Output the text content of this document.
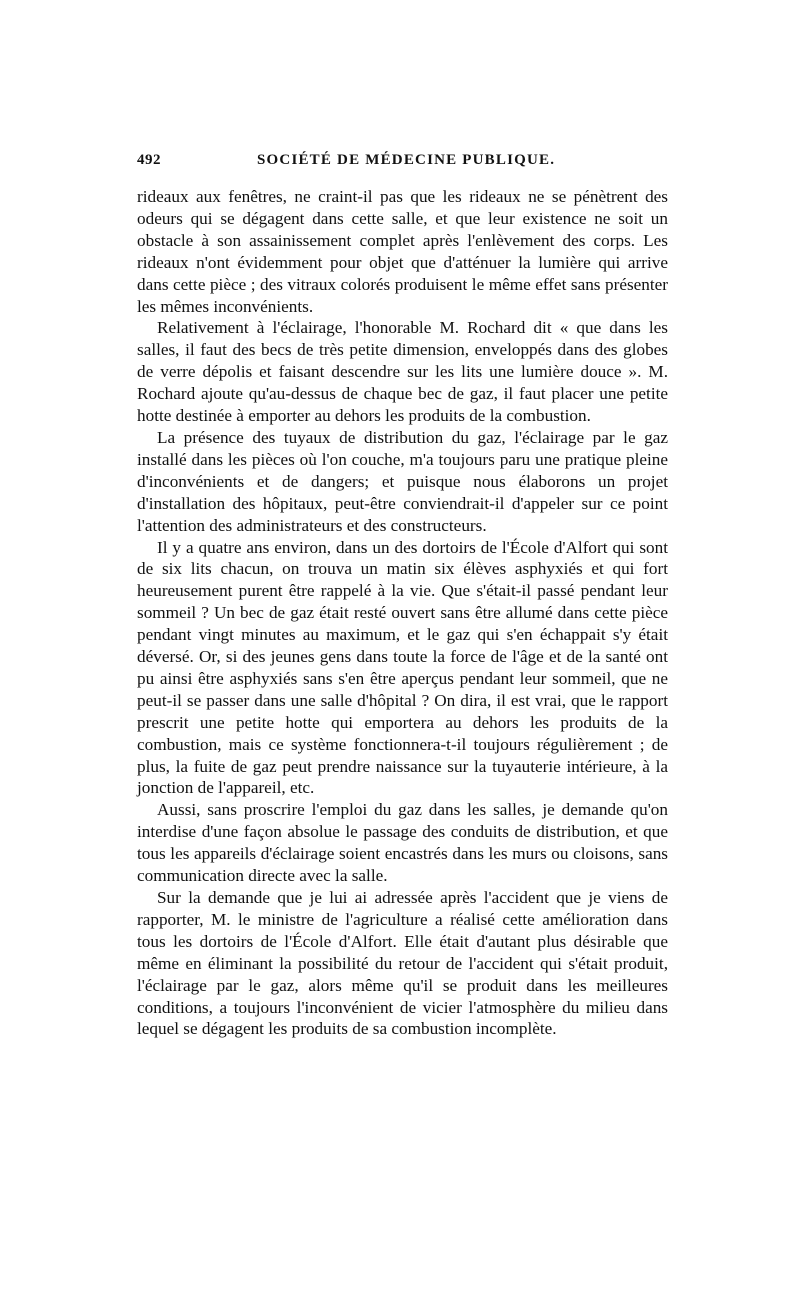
492	SOCIÉTÉ DE MÉDECINE PUBLIQUE.

rideaux aux fenêtres, ne craint-il pas que les rideaux ne se pénètrent des odeurs qui se dégagent dans cette salle, et que leur existence ne soit un obstacle à son assainissement complet après l'enlèvement des corps. Les rideaux n'ont évidemment pour objet que d'atténuer la lumière qui arrive dans cette pièce ; des vitraux colorés produisent le même effet sans présenter les mêmes inconvénients.

Relativement à l'éclairage, l'honorable M. Rochard dit « que dans les salles, il faut des becs de très petite dimension, enveloppés dans des globes de verre dépolis et faisant descendre sur les lits une lumière douce ». M. Rochard ajoute qu'au-dessus de chaque bec de gaz, il faut placer une petite hotte destinée à emporter au dehors les produits de la combustion.

La présence des tuyaux de distribution du gaz, l'éclairage par le gaz installé dans les pièces où l'on couche, m'a toujours paru une pratique pleine d'inconvénients et de dangers; et puisque nous élaborons un projet d'installation des hôpitaux, peut-être conviendrait-il d'appeler sur ce point l'attention des administrateurs et des constructeurs.

Il y a quatre ans environ, dans un des dortoirs de l'École d'Alfort qui sont de six lits chacun, on trouva un matin six élèves asphyxiés et qui fort heureusement purent être rappelé à la vie. Que s'était-il passé pendant leur sommeil ? Un bec de gaz était resté ouvert sans être allumé dans cette pièce pendant vingt minutes au maximum, et le gaz qui s'en échappait s'y était déversé. Or, si des jeunes gens dans toute la force de l'âge et de la santé ont pu ainsi être asphyxiés sans s'en être aperçus pendant leur sommeil, que ne peut-il se passer dans une salle d'hôpital ? On dira, il est vrai, que le rapport prescrit une petite hotte qui emportera au dehors les produits de la combustion, mais ce système fonctionnera-t-il toujours régulièrement ; de plus, la fuite de gaz peut prendre naissance sur la tuyauterie intérieure, à la jonction de l'appareil, etc.

Aussi, sans proscrire l'emploi du gaz dans les salles, je demande qu'on interdise d'une façon absolue le passage des conduits de distribution, et que tous les appareils d'éclairage soient encastrés dans les murs ou cloisons, sans communication directe avec la salle.

Sur la demande que je lui ai adressée après l'accident que je viens de rapporter, M. le ministre de l'agriculture a réalisé cette amélioration dans tous les dortoirs de l'École d'Alfort. Elle était d'autant plus désirable que même en éliminant la possibilité du retour de l'accident qui s'était produit, l'éclairage par le gaz, alors même qu'il se produit dans les meilleures conditions, a toujours l'inconvénient de vicier l'atmosphère du milieu dans lequel se dégagent les produits de sa combustion incomplète.
